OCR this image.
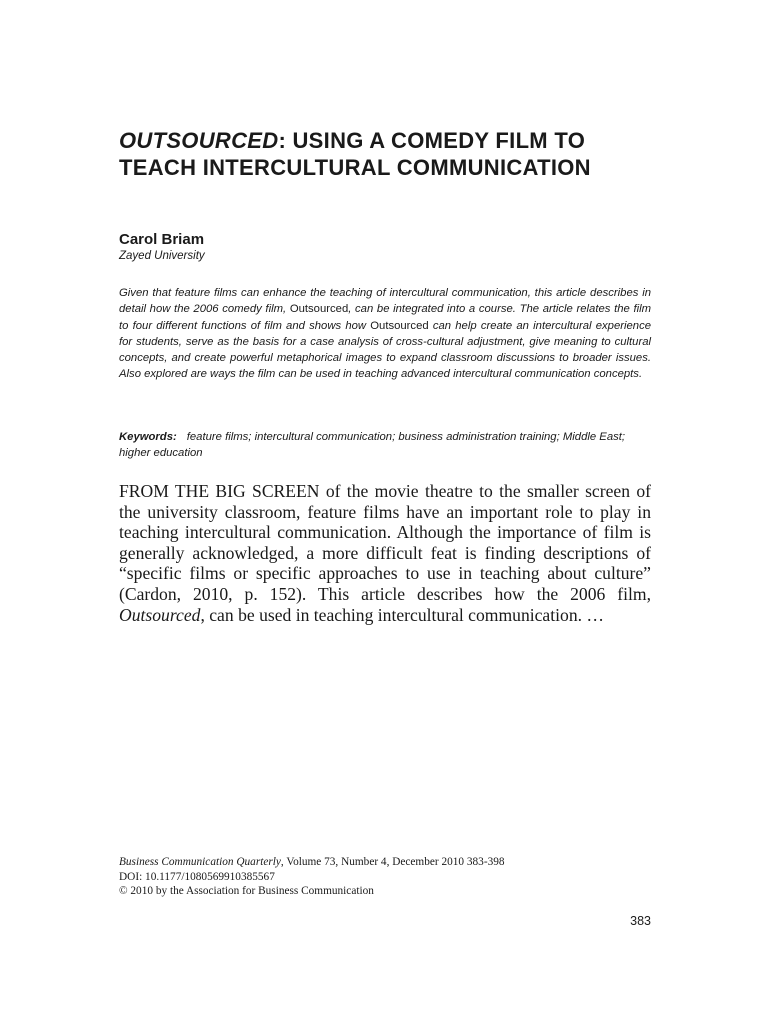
OUTSOURCED: USING A COMEDY FILM TO TEACH INTERCULTURAL COMMUNICATION
Carol Briam
Zayed University

Given that feature films can enhance the teaching of intercultural communication, this article describes in detail how the 2006 comedy film, Outsourced, can be integrated into a course. The article relates the film to four different functions of film and shows how Outsourced can help create an intercultural experience for students, serve as the basis for a case analysis of cross-cultural adjustment, give meaning to cultural concepts, and create powerful metaphorical images to expand classroom discussions to broader issues. Also explored are ways the film can be used in teaching advanced intercultural communication concepts.

Keywords: feature films; intercultural communication; business administration training; Middle East; higher education

FROM THE BIG SCREEN of the movie theatre to the smaller screen of the university classroom, feature films have an important role to play in teaching intercultural communication. Although the importance of film is generally acknowledged, a more difficult feat is finding descriptions of “specific films or specific approaches to use in teaching about culture” (Cardon, 2010, p. 152). This article describes how the 2006 film, Outsourced, can be used in teaching intercultural communication. …

Business Communication Quarterly, Volume 73, Number 4, December 2010 383-398
DOI: 10.1177/1080569910385567
© 2010 by the Association for Business Communication
383
